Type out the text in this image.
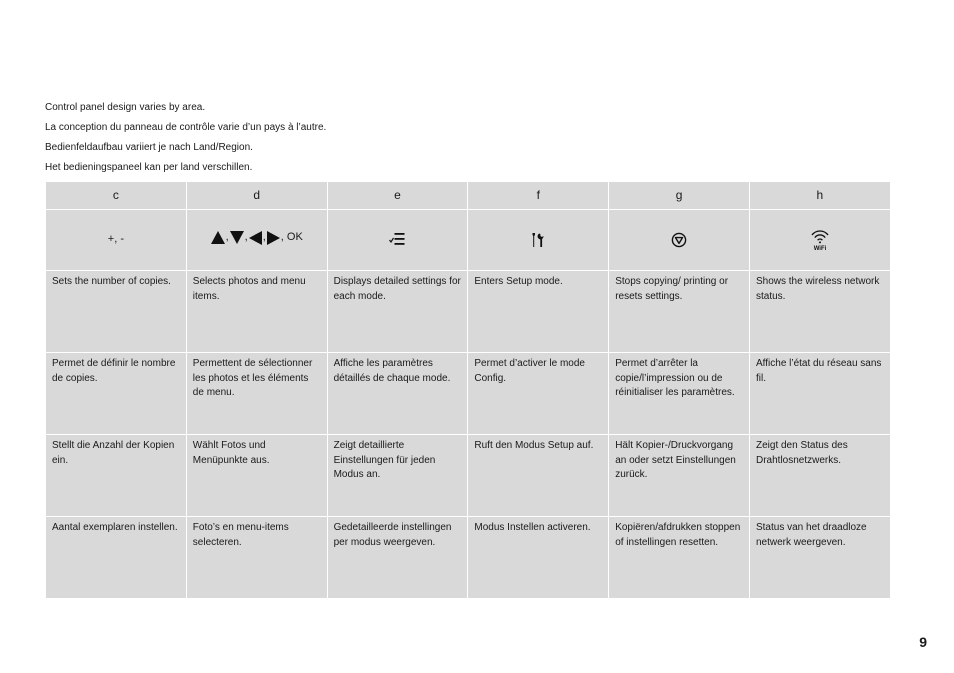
Control panel design varies by area.
La conception du panneau de contrôle varie d’un pays à l’autre.
Bedienfeldaufbau variiert je nach Land/Region.
Het bedieningspaneel kan per land verschillen.
c	d	e	f	g	h
+, -	, , , , OK				WiFi

Sets the number of copies.	Selects photos and menu items.	Displays detailed settings for each mode.	Enters Setup mode.	Stops copying/ printing or resets settings.	Shows the wireless network status.
Permet de définir le nombre de copies.	Permettent de sélectionner les photos et les éléments de menu.	Affiche les paramètres détaillés de chaque mode.	Permet d’activer le mode Config.	Permet d’arrêter la copie/l’impression ou de réinitialiser les paramètres.	Affiche l’état du réseau sans fil.
Stellt die Anzahl der Kopien ein.	Wählt Fotos und Menüpunkte aus.	Zeigt detaillierte Einstellungen für jeden Modus an.	Ruft den Modus Setup auf.	Hält Kopier-/Druckvorgang an oder setzt Einstellungen zurück.	Zeigt den Status des Drahtlosnetzwerks.
Aantal exemplaren instellen.	Foto’s en menu-items selecteren.	Gedetailleerde instellingen per modus weergeven.	Modus Instellen activeren.	Kopiëren/afdrukken stoppen of instellingen resetten.	Status van het draadloze netwerk weergeven.
9
